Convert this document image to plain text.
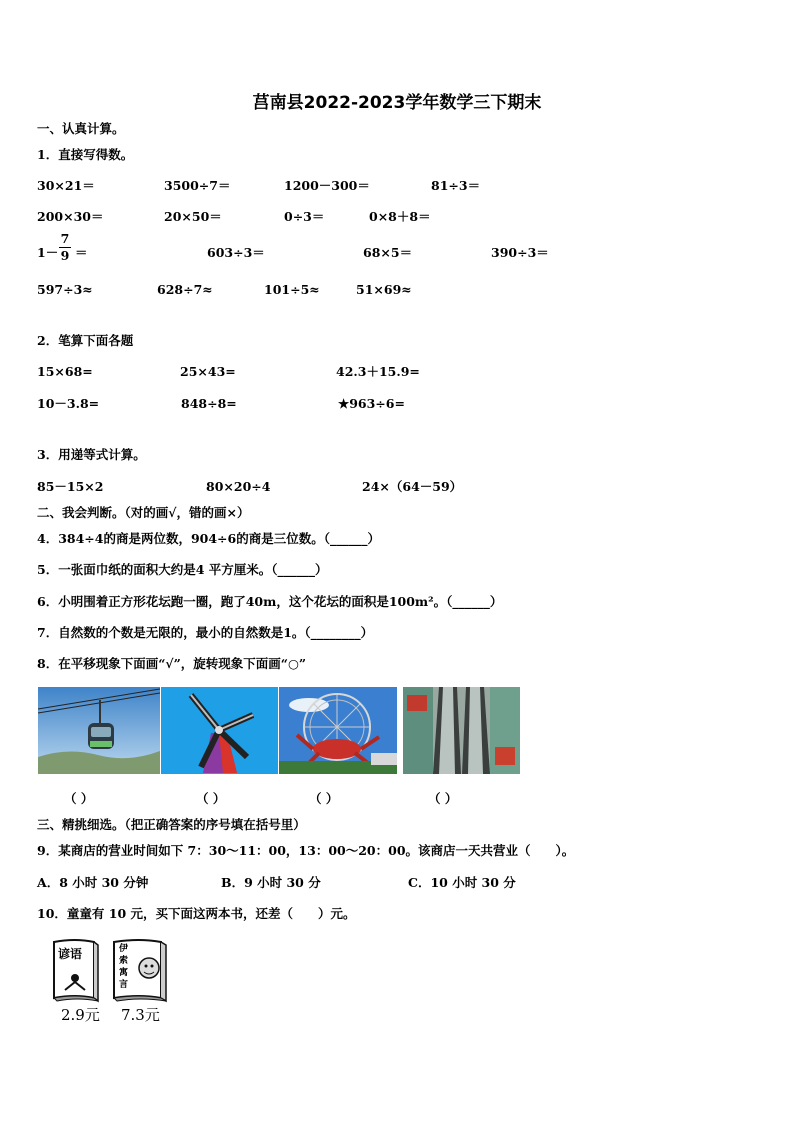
莒南县2022-2023学年数学三下期末
一、认真计算。
1．直接写得数。
30×21＝	3500÷7＝	1200－300＝	81÷3＝
200×30＝	20×50＝	0÷3＝	0×8＋8＝
1－
7
9 ＝	603÷3＝	68×5＝	390÷3＝
597÷3≈	628÷7≈	101÷5≈	51×69≈
2．笔算下面各题
15×68=	25×43=	42.3＋15.9=
10－3.8=	848÷8=	★963÷6=
3．用递等式计算。
85－15×2	80×20÷4	24×（64－59）
二、我会判断。（对的画√，错的画×）
4．384÷4的商是两位数，904÷6的商是三位数。（______）
5．一张面巾纸的面积大约是4 平方厘米。（______）
6．小明围着正方形花坛跑一圈，跑了40m，这个花坛的面积是100m²。（______）
7．自然数的个数是无限的，最小的自然数是1。（________）
8．在平移现象下面画“√”，旋转现象下面画“○”
（ ）	（ ）	（ ）	（ ）
三、精挑细选。（把正确答案的序号填在括号里）
9．某商店的营业时间如下 7：30～11：00，13：00～20：00。该商店一天共营业（　　）。
A．8 小时 30 分钟	B．9 小时 30 分	C．10 小时 30 分
10．童童有 10 元，买下面这两本书，还差（　　）元。
谚语
2.9元
伊
索
寓
言
7.3元
